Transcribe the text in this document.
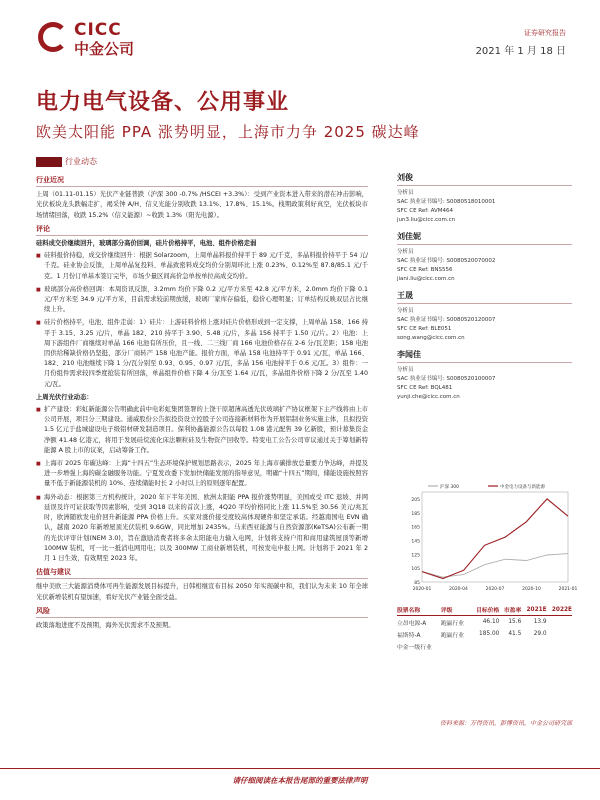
CICC
中金公司
证券研究报告
2021 年 1 月 18 日
电力电气设备、公用事业
欧美太阳能 PPA 涨势明显，上海市力争 2025 碳达峰
行业动态
行业近况
上周（01.11-01.15）光伏产业链普跌（沪深 300 -0.7% /HSCEI +3.3%）：受到产业资本进入带来的潜在冲击影响，光伏板块龙头跌幅走扩，褐采钟 A/H、信义光能分别收跌 13.1%、17.8%、15.1%。栈期政策利好真空，光伏板块市场情绪回落，收跌 15.2%（信义能源）~收跌 1.3%（阳光电源）。
评论
硅料成交价继续回升，玻璃部分高价回调，硅片价格持平，电池、组件价格走弱
■ 硅料报价持稳，成交价继续回升：根据 Solarzoom，上周单晶料报价持平于 89 元/千克，多晶料报价持平于 54 元/千克。硅业协会反馈，上周单晶复投料、单晶致密料成交均价分别周环比上涨 0.23%、0.12%至 87.8/85.1 元/千克。1 月份订单基本签订完毕，市场少量区间高价急单按单拉高成交均价。
■ 玻璃部分高价格回调：本周资讯反馈，3.2mm 均价下降 0.2 元/平方米至 42.8 元/平方米，2.0mm 均价下降 0.1 元/平方米至 34.9 元/平方米，目前需求较前期放缓，玻璃厂家库存偏低，稳价心理明显；订单结构反映双层占比继续上升。
■ 硅片价格持平，电池、组件走弱：1）硅片：上游硅料价格上涨对硅片价格形成到一定支撑，上周单晶 158、166 持平于 3.15、3.25 元/片，单晶 182、210 持平于 3.90、5.48 元/片，多晶 156 持平于 1.50 元/片。2）电池：上周下游组件厂商继续对单晶 166 电池有所压价，且一线、二三线厂商 166 电池价格存在 2-6 分/瓦差距；158 电池因供给稀缺价格仍坚挺，部分厂商转产 158 电池产能。报价方面，单晶 158 电池持平于 0.91 元/瓦，单晶 166、182、210 电池继续下降 1 分/瓦分别至 0.93、0.95、0.97 元/瓦，多晶 156 电池持平于 0.6 元/瓦。3）组件：一月份组件需求较四季度抢装有所回落，单晶组件价格下降 4 分/瓦至 1.64 元/瓦，多晶组件价格下降 2 分/瓦至 1.40 元/瓦。
上周光伏行业动态：
■ 扩产建设：彩虹新能源公告明确此前中电彩虹集团签署的上饶干原超薄高透光伏玻璃扩产协议框架下主产线将由上市公司开展，项目分三期建设。通威股份公告拟投资设立控股子公司连接新材料作为开展铝制业务实施主体，且拟投资 1.5 亿元于盐城建设电子级铝材研发制造项目。保利协鑫能源公告以每股 1.08 港元配售 39 亿新股，预计募集资金净额 41.48 亿港元，将用于发展硅烷流化床法颗粒硅及生物资产回收等。特变电工公告公司审议通过关于筹划新特能源 A 股上市的议案，启动筹备工作。
■ 上海市 2025 年碳达峰：上海“十四五”生态环境保护规划思路表示，2025 年上海市碳排放总量要力争达峰，并提及进一步增强上海的碳金融服务功能。宁夏发改委下发加快储能发展的指导意见，明确“十四五”期间，储能设施按照容量不低于新能源装机的 10%、连续储能时长 2 小时以上的原则逐年配置。
■ 海外动态：根据第三方机构统计，2020 年下半年美国、欧洲太阳能 PPA 报价涨势明显，美国或受 ITC 退坡、并网延误及许可证获取等因素影响，受到 3Q18 以来的首次上涨，4Q20 平均价格同比上涨 11.5%至 30.56 美元/兆瓦时，欧洲随欧发电价回升新能源 PPA 价格上升。买家对涨价接受度较高体现硬件和坚定承诺。经越南国电 EVN 确认，越南 2020 年新增屋顶光伏装机 9.6GW，同比增加 2435%。马来西亚能源与自然资源部(KeTSA)公布新一期的光伏评审计划(NEM 3.0)，旨在激励消费者将多余太阳能电力输入电网，计划将支持户用和商用建筑屋顶等新增 100MW 装机，可一比一抵消电网用电；以及 300MW 工商业新增装机，可按发电申报上网。计划将于 2021 年 2 月 1 日生效，有效期至 2023 年。
估值与建议
继中美欧三大能源消费体可再生能源发展目标提升，日韩相继宣布目标 2050 年实现碳中和，我们认为未来 10 年全球光伏新增装机有望加速，看好光伏产业链全面受益。
风险
政策落地进度不及预期，海外光伏需求不及预期。
刘俊
分析员
SAC 执业证书编号: S0080518010001
SFC CE Ref: AVM464
jun3.liu@cicc.com.cn
刘佳妮
分析员
SAC 执业证书编号: S0080520070002
SFC CE Ref: BNS556
jiani.liu@cicc.com.cn
王晟
分析员
SAC 执业证书编号: S0080520120007
SFC CE Ref: BLE051
song.wang@cicc.com.cn
李闻佳
分析员
SAC 执业证书编号: S0080520100007
SFC CE Ref: BQL481
yunji.che@cicc.com.cn
85
105
125
145
165
185
205
2020-01	2020-04	2020-07	2020-10	2021-01
沪深 300	中金电力设备与新能源
股票名称	评级	目标价格	市盈率	2021E	2022E
立昂电源-A	跑赢行业	46.10	15.6	13.9	
福斯特-A	跑赢行业	185.00	41.5	29.0	
中金一级行业					
资料来源：万得资讯，彭博资讯，中金公司研究部
请仔细阅读在本报告尾部的重要法律声明
